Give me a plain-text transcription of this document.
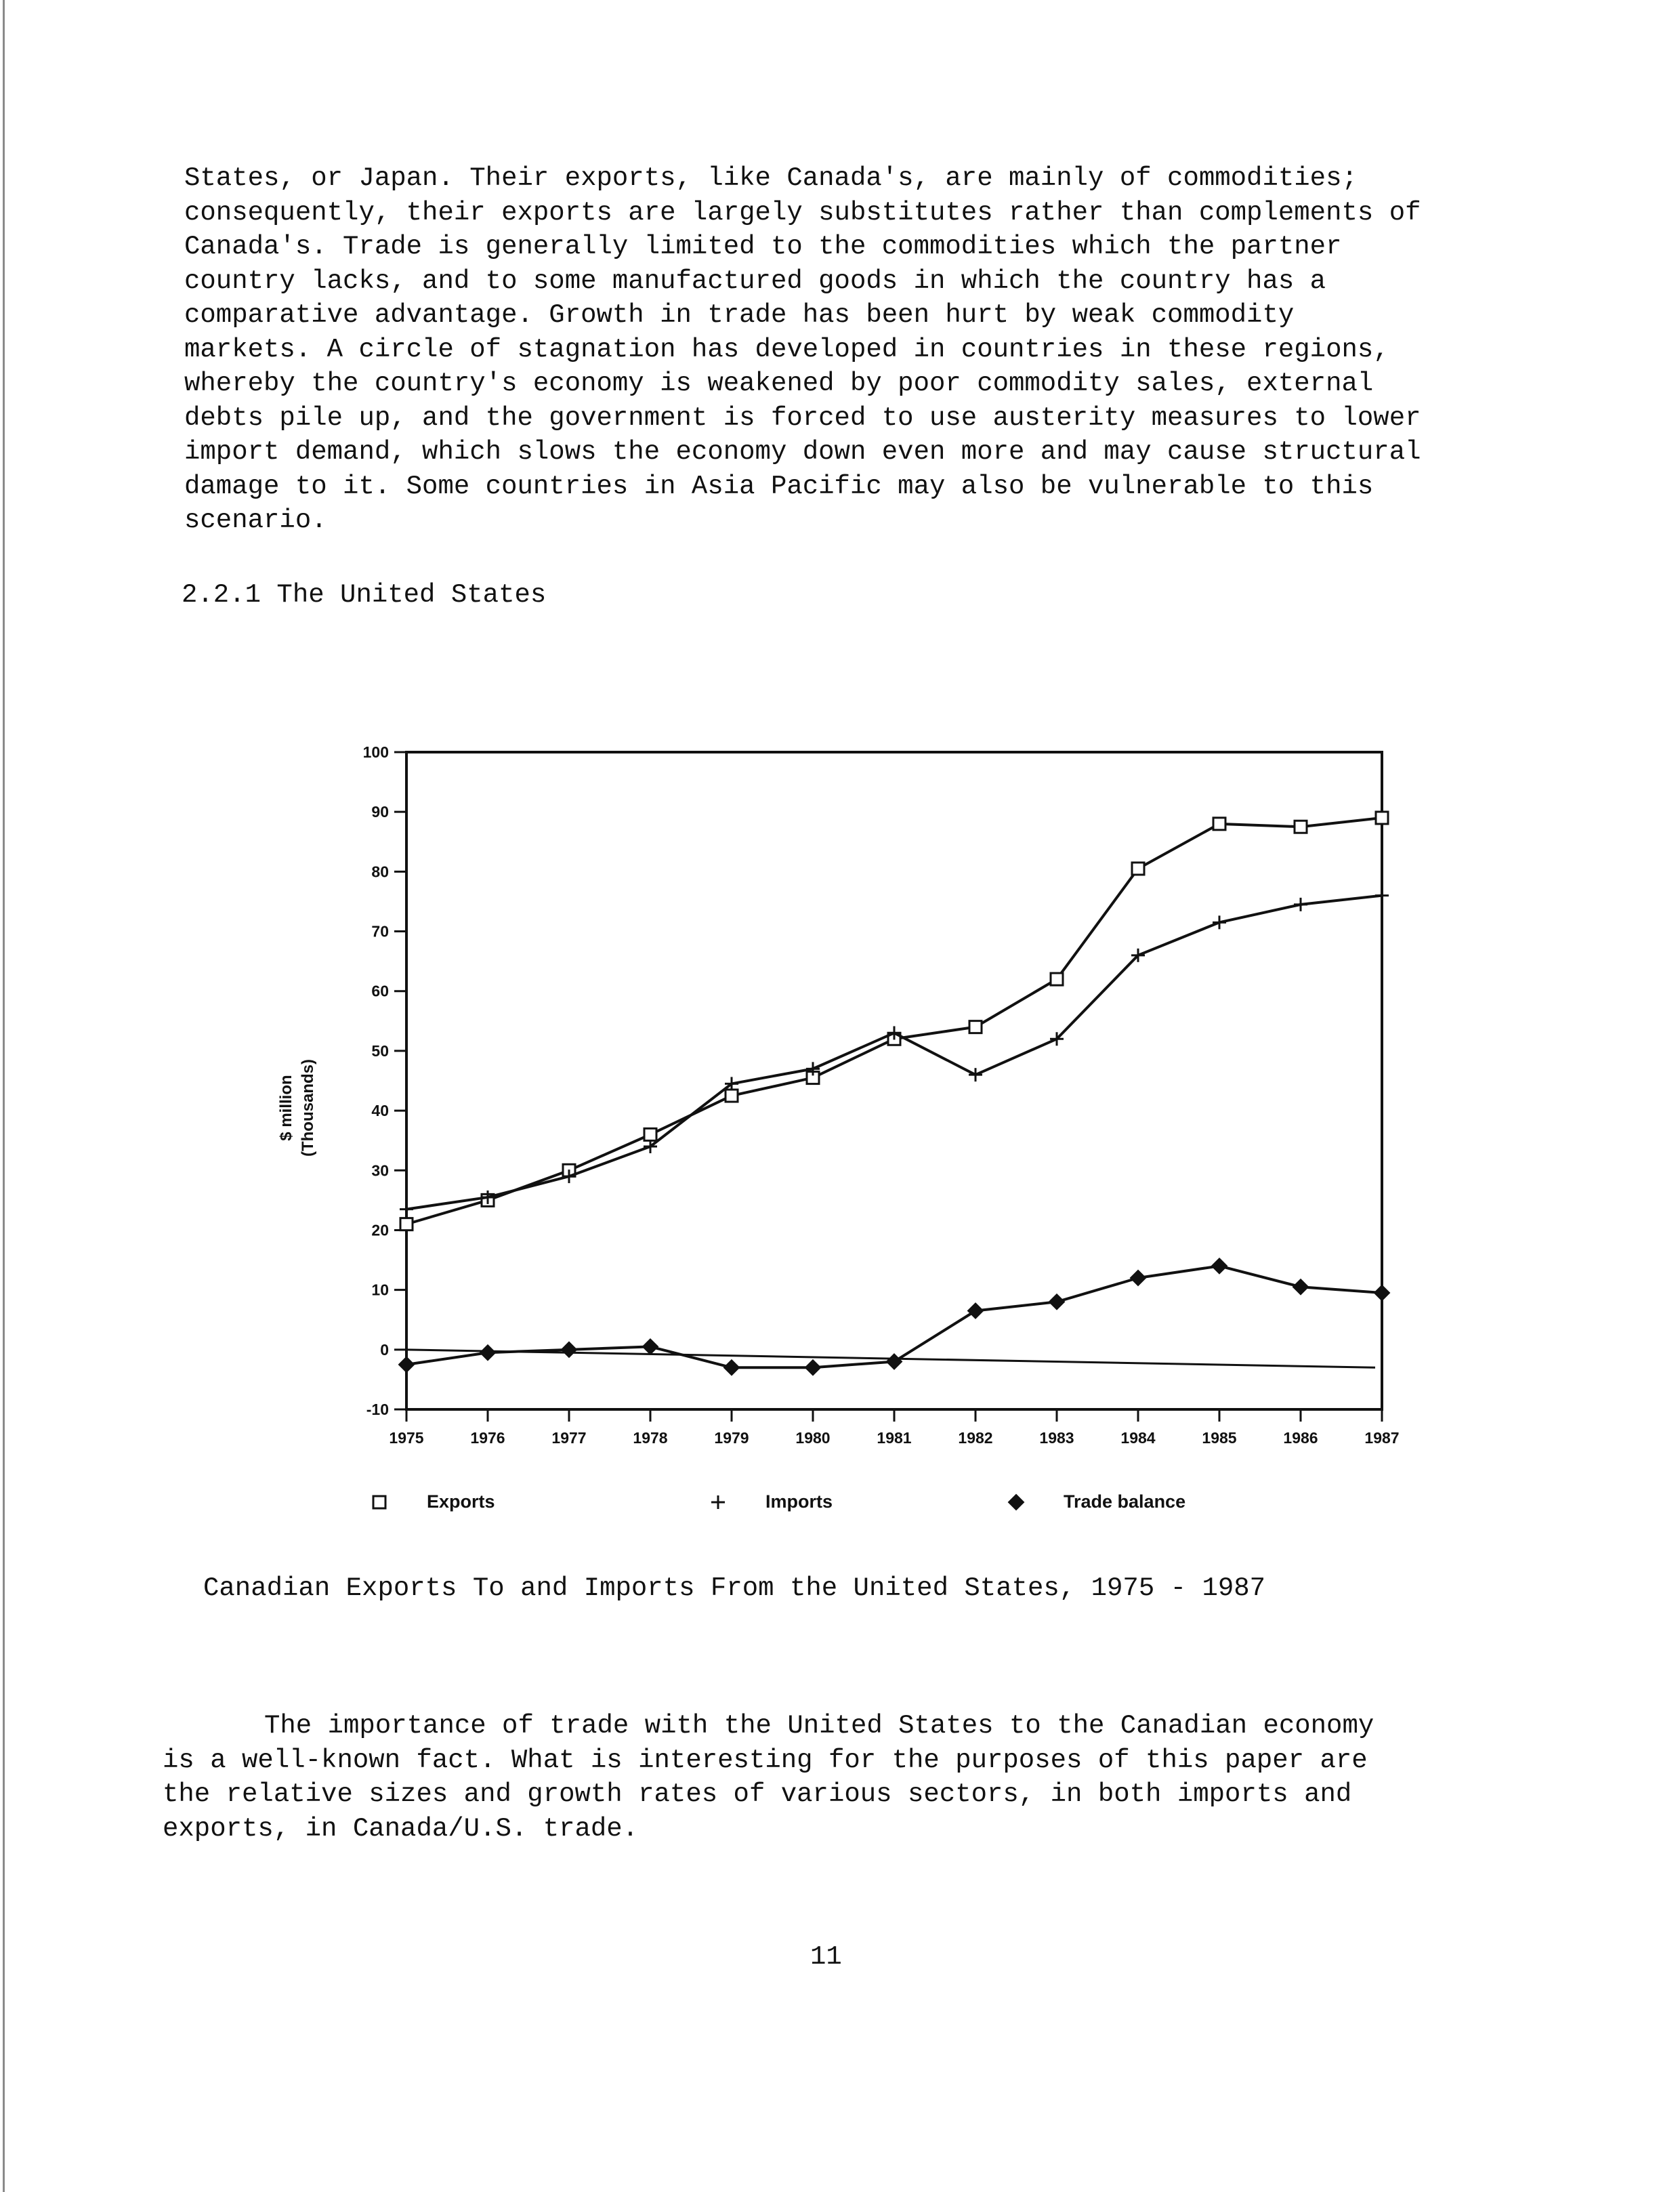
States, or Japan. Their exports, like Canada's, are mainly of commodities;
consequently, their exports are largely substitutes rather than complements of
Canada's. Trade is generally limited to the commodities which the partner
country lacks, and to some manufactured goods in which the country has a
comparative advantage. Growth in trade has been hurt by weak commodity
markets. A circle of stagnation has developed in countries in these regions,
whereby the country's economy is weakened by poor commodity sales, external
debts pile up, and the government is forced to use austerity measures to lower
import demand, which slows the economy down even more and may cause structural
damage to it. Some countries in Asia Pacific may also be vulnerable to this
scenario.
2.2.1 The United States
-10
0
10
20
30
40
50
60
70
80
90
100
1975	1976	1977	1978	1979	1980	1981	1982	1983	1984	1985	1986	1987
$ million (Thousands)
Exports	Imports	Trade balance
Canadian Exports To and Imports From the United States, 1975 - 1987
The importance of trade with the United States to the Canadian economy
is a well-known fact. What is interesting for the purposes of this paper are
the relative sizes and growth rates of various sectors, in both imports and
exports, in Canada/U.S. trade.
11
